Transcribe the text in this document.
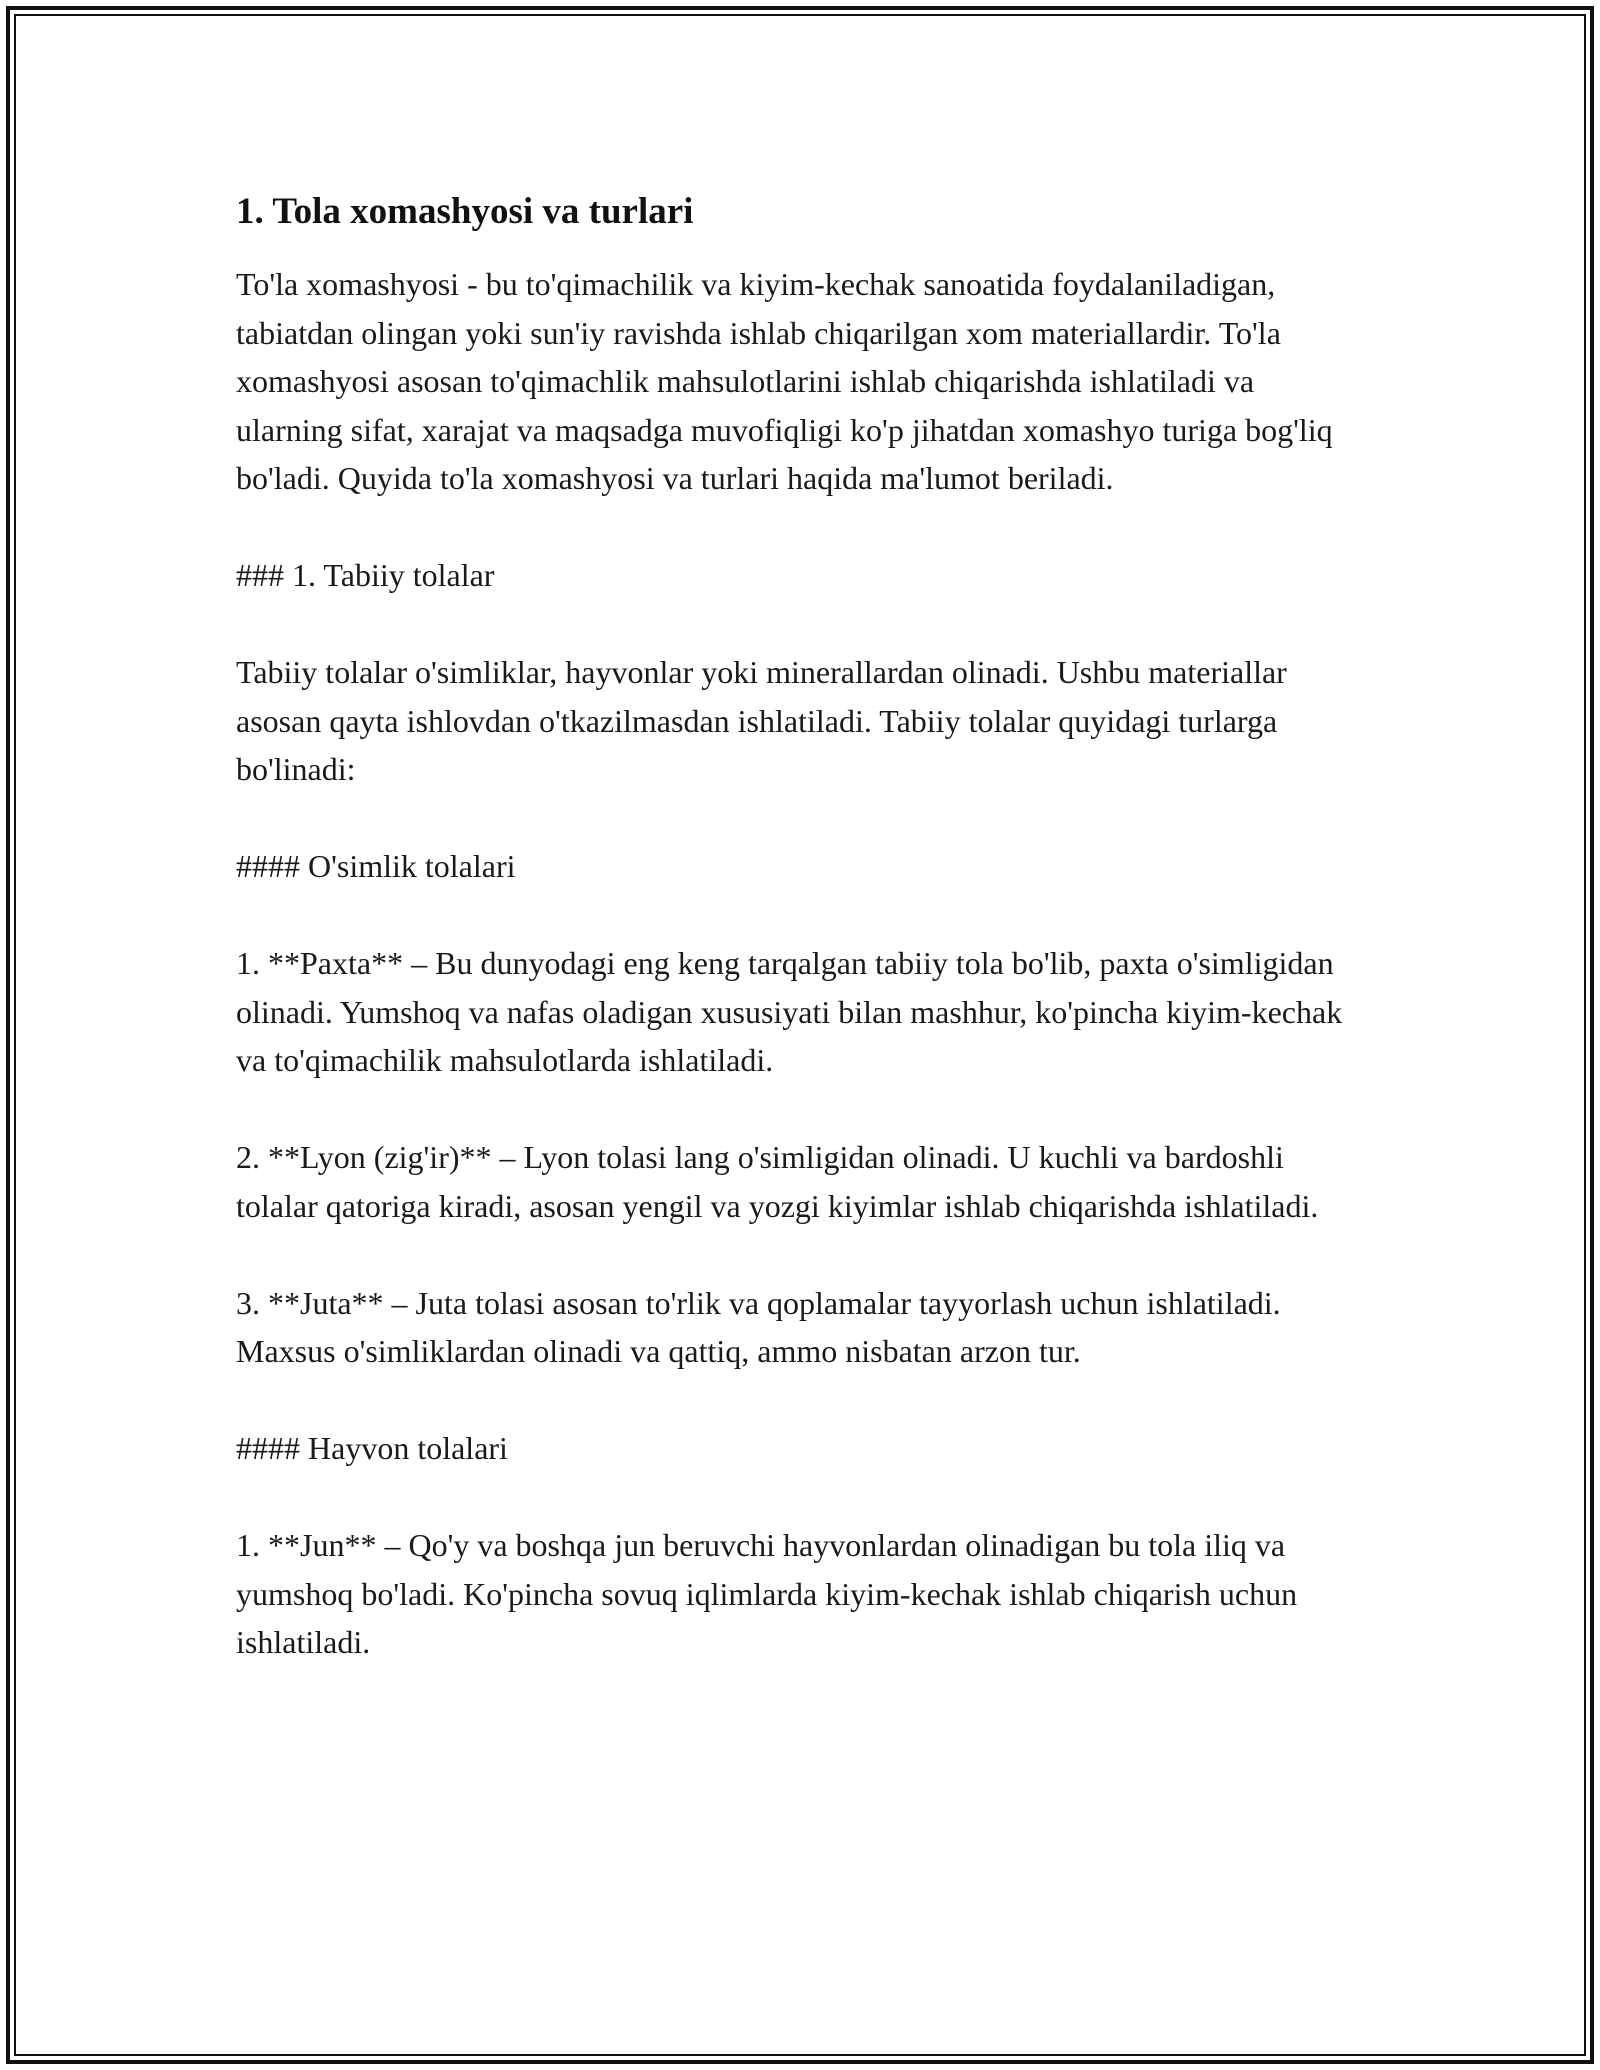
1. Tola xomashyosi va turlari

To'la xomashyosi - bu to'qimachilik va kiyim-kechak sanoatida foydalaniladigan, tabiatdan olingan yoki sun'iy ravishda ishlab chiqarilgan xom materiallardir. To'la xomashyosi asosan to'qimachlik mahsulotlarini ishlab chiqarishda ishlatiladi va ularning sifat, xarajat va maqsadga muvofiqligi ko'p jihatdan xomashyo turiga bog'liq bo'ladi. Quyida to'la xomashyosi va turlari haqida ma'lumot beriladi.

### 1. Tabiiy tolalar

Tabiiy tolalar o'simliklar, hayvonlar yoki minerallardan olinadi. Ushbu materiallar asosan qayta ishlovdan o'tkazilmasdan ishlatiladi. Tabiiy tolalar quyidagi turlarga bo'linadi:

#### O'simlik tolalari

1. **Paxta** – Bu dunyodagi eng keng tarqalgan tabiiy tola bo'lib, paxta o'simligidan olinadi. Yumshoq va nafas oladigan xususiyati bilan mashhur, ko'pincha kiyim-kechak va to'qimachilik mahsulotlarda ishlatiladi.

2. **Lyon (zig'ir)** – Lyon tolasi lang o'simligidan olinadi. U kuchli va bardoshli tolalar qatoriga kiradi, asosan yengil va yozgi kiyimlar ishlab chiqarishda ishlatiladi.

3. **Juta** – Juta tolasi asosan to'rlik va qoplamalar tayyorlash uchun ishlatiladi. Maxsus o'simliklardan olinadi va qattiq, ammo nisbatan arzon tur.

#### Hayvon tolalari

1. **Jun** – Qo'y va boshqa jun beruvchi hayvonlardan olinadigan bu tola iliq va yumshoq bo'ladi. Ko'pincha sovuq iqlimlarda kiyim-kechak ishlab chiqarish uchun ishlatiladi.
